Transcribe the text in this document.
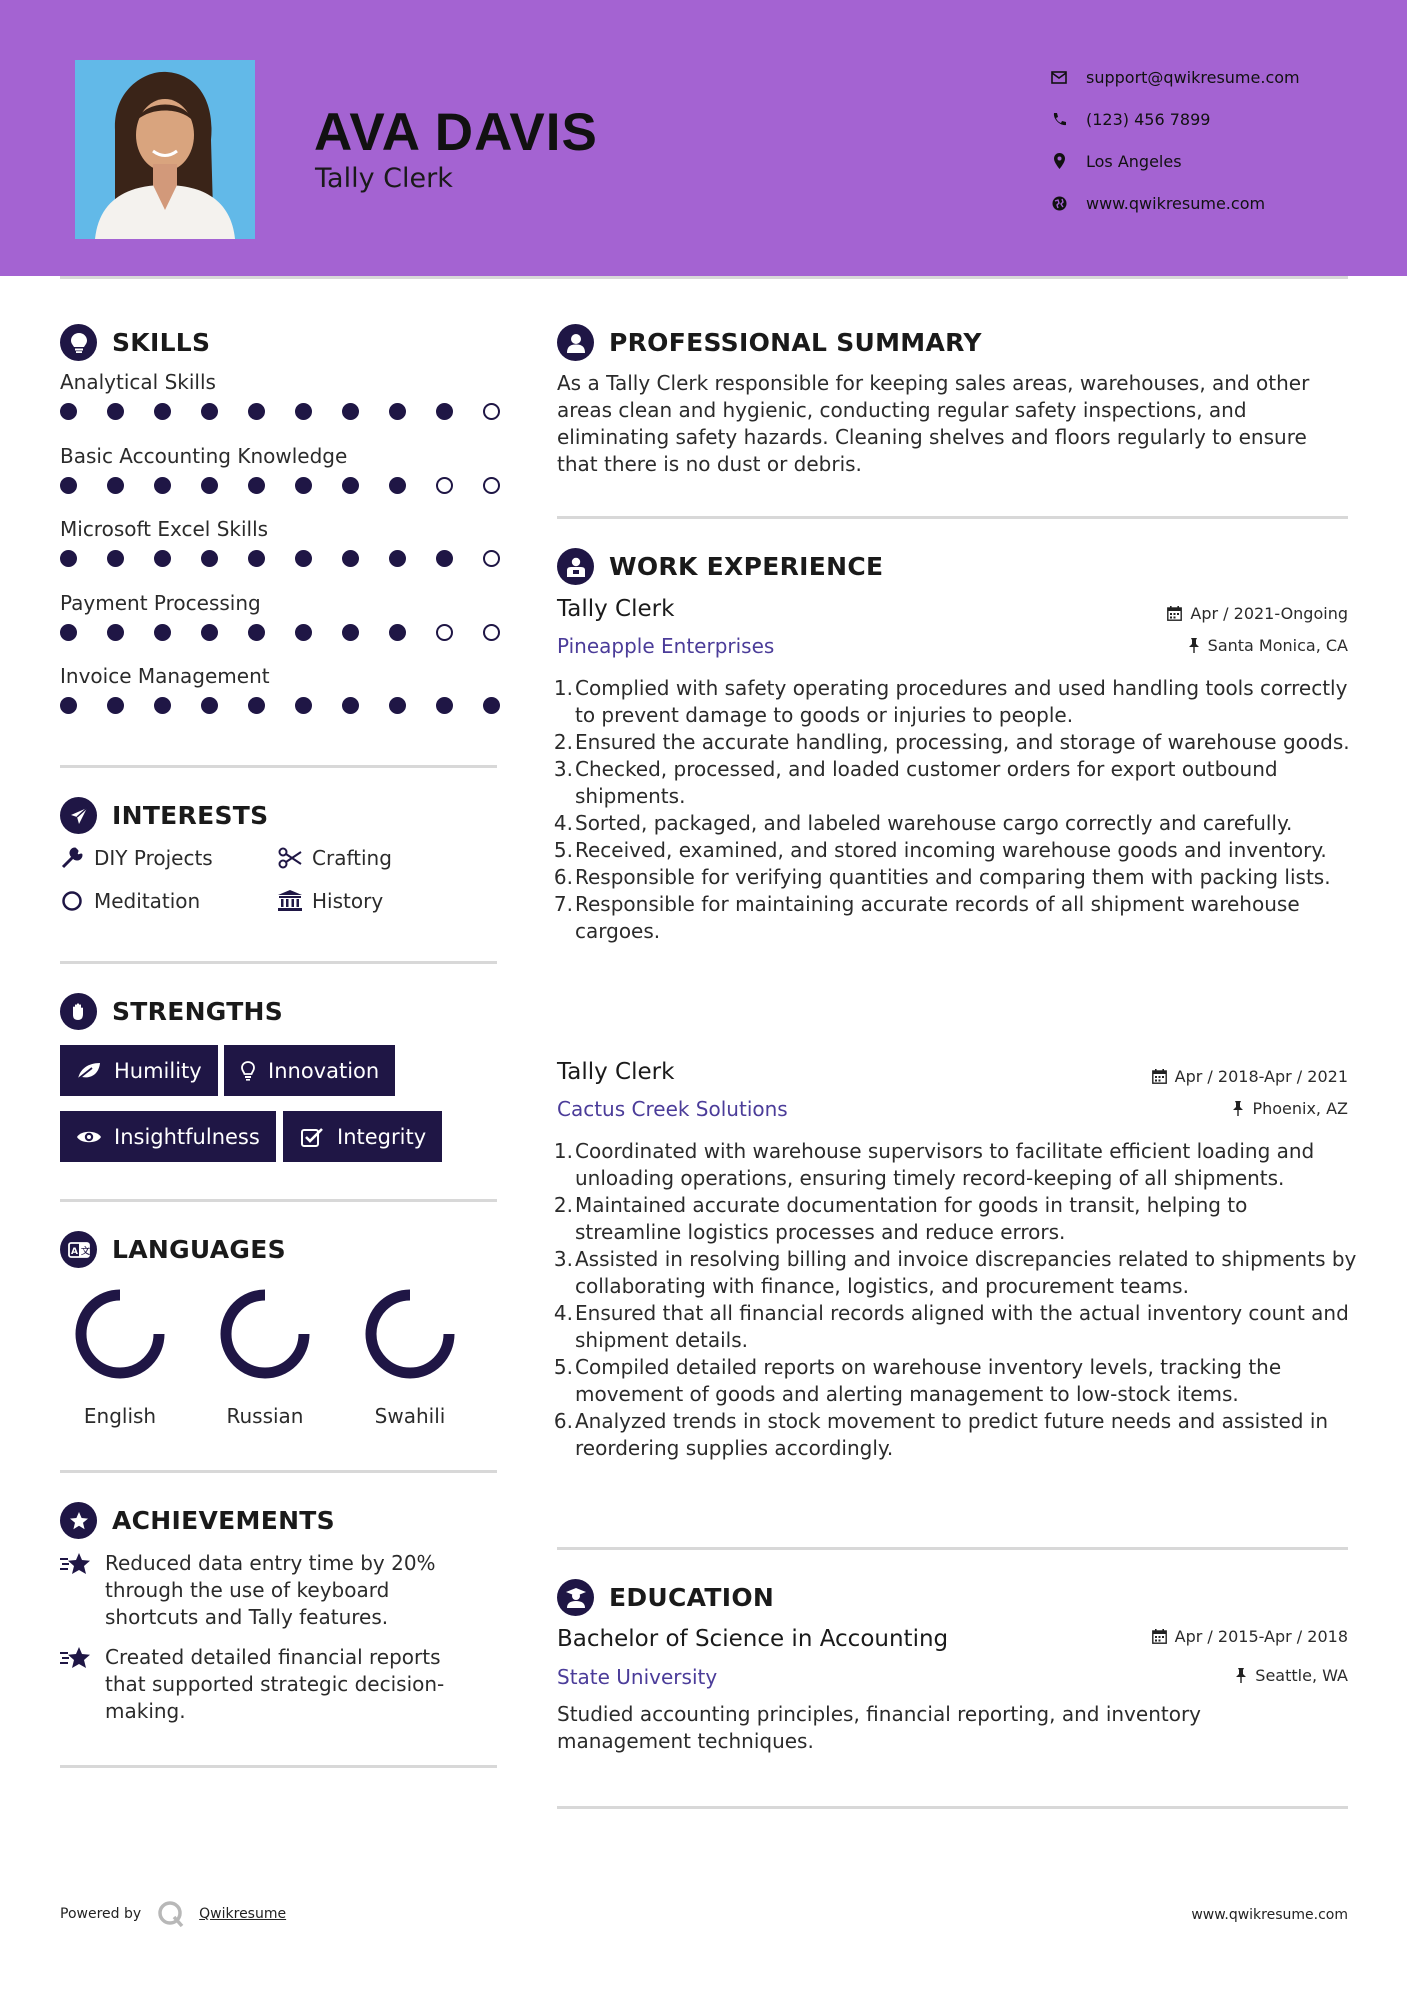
AVA DAVIS
Tally Clerk
support@qwikresume.com
(123) 456 7899
Los Angeles
www.qwikresume.com
SKILLS
Analytical Skills
Basic Accounting Knowledge
Microsoft Excel Skills
Payment Processing
Invoice Management
INTERESTS
DIY Projects	Crafting
Meditation	History
STRENGTHS
Humility	Innovation
Insightfulness	Integrity
A 文 LANGUAGES
English	Russian	Swahili
ACHIEVEMENTS
Reduced data entry time by 20% through the use of keyboard shortcuts and Tally features.
Created detailed financial reports that supported strategic decision-making.
PROFESSIONAL SUMMARY
As a Tally Clerk responsible for keeping sales areas, warehouses, and other areas clean and hygienic, conducting regular safety inspections, and eliminating safety hazards. Cleaning shelves and floors regularly to ensure that there is no dust or debris.
WORK EXPERIENCE
Tally Clerk
Pineapple Enterprises
Apr / 2021-Ongoing
Santa Monica, CA
1. Complied with safety operating procedures and used handling tools correctly to prevent damage to goods or injuries to people.
2. Ensured the accurate handling, processing, and storage of warehouse goods.
3. Checked, processed, and loaded customer orders for export outbound shipments.
4. Sorted, packaged, and labeled warehouse cargo correctly and carefully.
5. Received, examined, and stored incoming warehouse goods and inventory.
6. Responsible for verifying quantities and comparing them with packing lists.
7. Responsible for maintaining accurate records of all shipment warehouse cargoes.
Tally Clerk
Cactus Creek Solutions
Apr / 2018-Apr / 2021
Phoenix, AZ
1. Coordinated with warehouse supervisors to facilitate efficient loading and unloading operations, ensuring timely record-keeping of all shipments.
2. Maintained accurate documentation for goods in transit, helping to streamline logistics processes and reduce errors.
3. Assisted in resolving billing and invoice discrepancies related to shipments by collaborating with finance, logistics, and procurement teams.
4. Ensured that all financial records aligned with the actual inventory count and shipment details.
5. Compiled detailed reports on warehouse inventory levels, tracking the movement of goods and alerting management to low-stock items.
6. Analyzed trends in stock movement to predict future needs and assisted in reordering supplies accordingly.
EDUCATION
Bachelor of Science in Accounting
State University
Apr / 2015-Apr / 2018
Seattle, WA
Studied accounting principles, financial reporting, and inventory management techniques.
Powered by	Qwikresume	www.qwikresume.com
